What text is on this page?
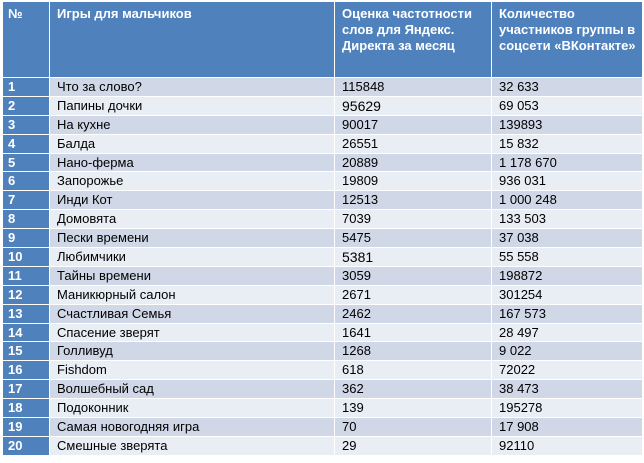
№	Игры для мальчиков	Оценка частотности слов для Яндекс. Директа за месяц	Количество участников группы в соцсети «ВКонтакте»
1	Что за слово?	115848	32 633
2	Папины дочки	95629	69 053
3	На кухне	90017	139893
4	Балда	26551	15 832
5	Нано-ферма	20889	1 178 670
6	Запорожье	19809	936 031
7	Инди Кот	12513	1 000 248
8	Домовята	7039	133 503
9	Пески времени	5475	37 038
10	Любимчики	5381	55 558
11	Тайны времени	3059	198872
12	Маникюрный салон	2671	301254
13	Счастливая Семья	2462	167 573
14	Спасение зверят	1641	28 497
15	Голливуд	1268	9 022
16	Fishdom	618	72022
17	Волшебный сад	362	38 473
18	Подоконник	139	195278
19	Самая новогодняя игра	70	17 908
20	Смешные зверята	29	92110
